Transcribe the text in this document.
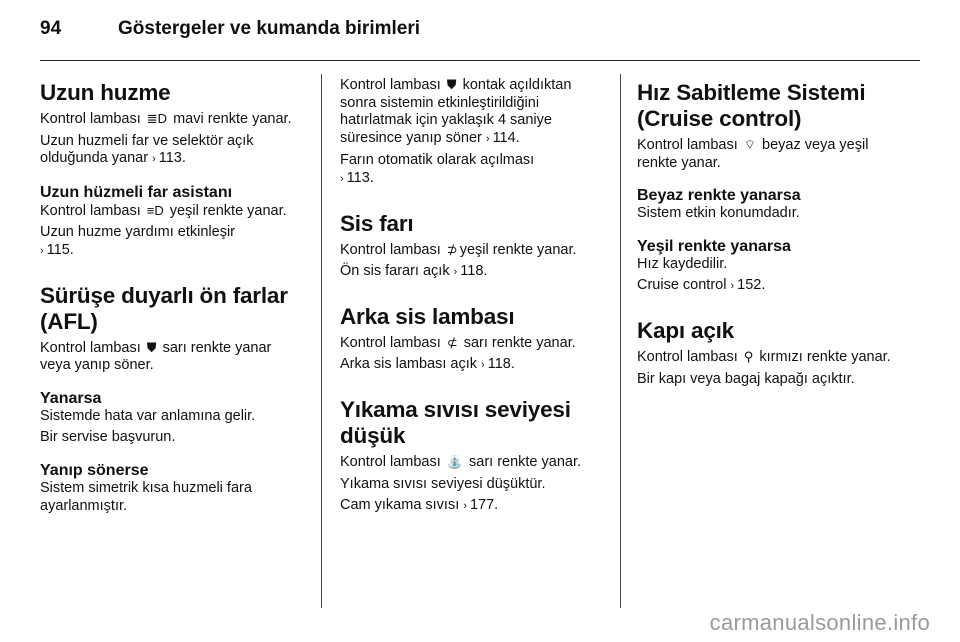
94	Göstergeler ve kumanda birimleri
Uzun huzme

Kontrol lambası ≣D mavi renkte yanar.

Uzun huzmeli far ve selektör açık olduğunda yanar › 113.

Uzun hüzmeli far asistanı

Kontrol lambası ≡D yeşil renkte yanar.

Uzun huzme yardımı etkinleşir
› 115.

Sürüşe duyarlı ön farlar (AFL)

Kontrol lambası ⛊ sarı renkte yanar veya yanıp söner.

Yanarsa

Sistemde hata var anlamına gelir.

Bir servise başvurun.

Yanıp sönerse

Sistem simetrik kısa huzmeli fara ayarlanmıştır.

Kontrol lambası ⛊ kontak açıldıktan sonra sistemin etkinleştirildiğini hatırlatmak için yaklaşık 4 saniye süresince yanıp söner › 114.

Farın otomatik olarak açılması
› 113.

Sis farı

Kontrol lambası ⊅ yeşil renkte yanar.

Ön sis fararı açık › 118.

Arka sis lambası

Kontrol lambası ⊄ sarı renkte yanar.

Arka sis lambası açık › 118.

Yıkama sıvısı seviyesi düşük

Kontrol lambası ⛲ sarı renkte yanar.

Yıkama sıvısı seviyesi düşüktür.

Cam yıkama sıvısı › 177.

Hız Sabitleme Sistemi (Cruise control)

Kontrol lambası ⌔ beyaz veya yeşil renkte yanar.

Beyaz renkte yanarsa

Sistem etkin konumdadır.

Yeşil renkte yanarsa

Hız kaydedilir.

Cruise control › 152.

Kapı açık

Kontrol lambası ⚲ kırmızı renkte yanar.

Bir kapı veya bagaj kapağı açıktır.

carmanualsonline.info
